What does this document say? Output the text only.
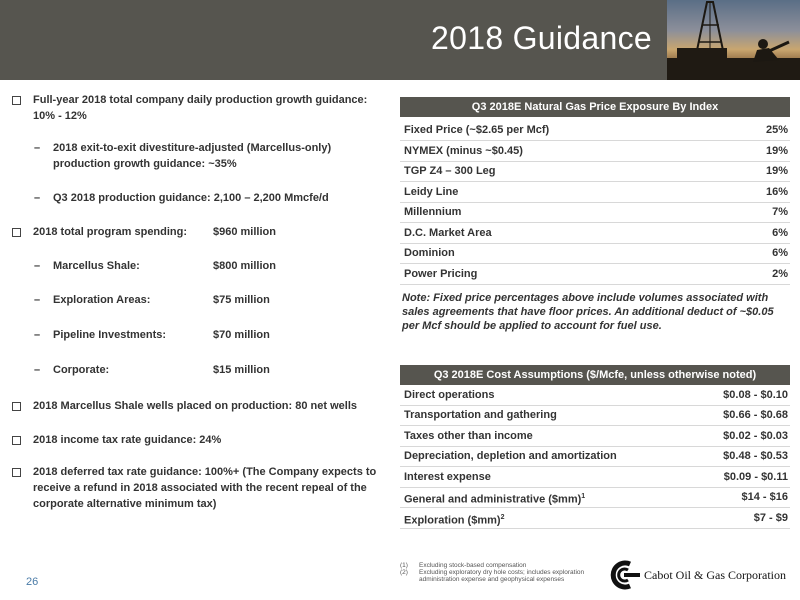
2018 Guidance
Full-year 2018 total company daily production growth guidance: 10% - 12%
– 2018 exit-to-exit divestiture-adjusted (Marcellus-only) production growth guidance: ~35%
– Q3 2018 production guidance: 2,100 – 2,200 Mmcfe/d
2018 total program spending:	$960 million
– Marcellus Shale:	$800 million
– Exploration Areas:	$75 million
– Pipeline Investments:	$70 million
– Corporate:	$15 million
2018 Marcellus Shale wells placed on production: 80 net wells
2018 income tax rate guidance: 24%
2018 deferred tax rate guidance: 100%+ (The Company expects to receive a refund in 2018 associated with the recent repeal of the corporate alternative minimum tax)
Q3 2018E Natural Gas Price Exposure By Index
Fixed Price (~$2.65 per Mcf)	25%
NYMEX (minus ~$0.45)	19%
TGP Z4 – 300 Leg	19%
Leidy Line	16%
Millennium	7%
D.C. Market Area	6%
Dominion	6%
Power Pricing	2%
Note: Fixed price percentages above include volumes associated with sales agreements that have floor prices. An additional deduct of ~$0.05 per Mcf should be applied to account for fuel use.
Q3 2018E Cost Assumptions ($/Mcfe, unless otherwise noted)
Direct operations	$0.08 - $0.10
Transportation and gathering	$0.66 - $0.68
Taxes other than income	$0.02 - $0.03
Depreciation, depletion and amortization	$0.48 - $0.53
Interest expense	$0.09 - $0.11
General and administrative ($mm)$^1$	$14 - $16
Exploration ($mm)$^2$	$7 - $9
26
(1) Excluding stock-based compensation
(2) Excluding exploratory dry hole costs; includes exploration administration expense and geophysical expenses	Cabot Oil & Gas Corporation
